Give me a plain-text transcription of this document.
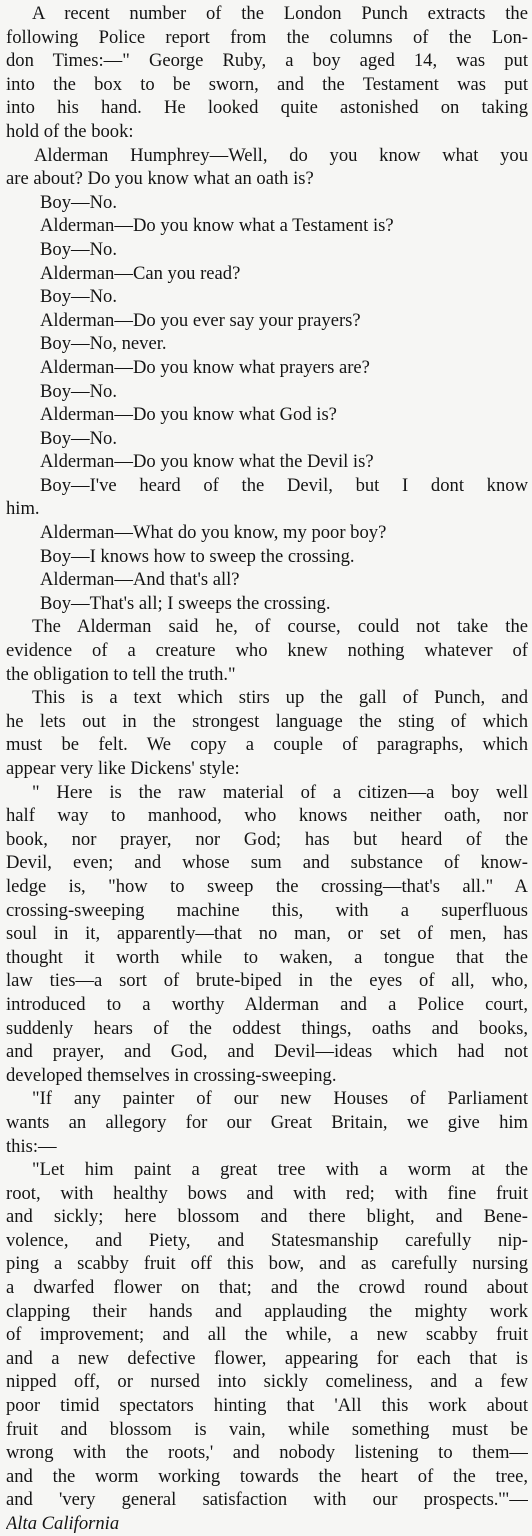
A recent number of the London Punch extracts the
following Police report from the columns of the Lon-
don Times:—" George Ruby, a boy aged 14, was put
into the box to be sworn, and the Testament was put
into his hand. He looked quite astonished on taking
hold of the book:
Alderman Humphrey—Well, do you know what you
are about? Do you know what an oath is?
Boy—No.
Alderman—Do you know what a Testament is?
Boy—No.
Alderman—Can you read?
Boy—No.
Alderman—Do you ever say your prayers?
Boy—No, never.
Alderman—Do you know what prayers are?
Boy—No.
Alderman—Do you know what God is?
Boy—No.
Alderman—Do you know what the Devil is?
Boy—I've heard of the Devil, but I dont know
him.
Alderman—What do you know, my poor boy?
Boy—I knows how to sweep the crossing.
Alderman—And that's all?
Boy—That's all; I sweeps the crossing.
The Alderman said he, of course, could not take the
evidence of a creature who knew nothing whatever of
the obligation to tell the truth."
This is a text which stirs up the gall of Punch, and
he lets out in the strongest language the sting of which
must be felt. We copy a couple of paragraphs, which
appear very like Dickens' style:
" Here is the raw material of a citizen—a boy well
half way to manhood, who knows neither oath, nor
book, nor prayer, nor God; has but heard of the
Devil, even; and whose sum and substance of know-
ledge is, "how to sweep the crossing—that's all." A
crossing-sweeping machine this, with a superfluous
soul in it, apparently—that no man, or set of men, has
thought it worth while to waken, a tongue that the
law ties—a sort of brute-biped in the eyes of all, who,
introduced to a worthy Alderman and a Police court,
suddenly hears of the oddest things, oaths and books,
and prayer, and God, and Devil—ideas which had not
developed themselves in crossing-sweeping.
"If any painter of our new Houses of Parliament
wants an allegory for our Great Britain, we give him
this:—
"Let him paint a great tree with a worm at the
root, with healthy bows and with red; with fine fruit
and sickly; here blossom and there blight, and Bene-
volence, and Piety, and Statesmanship carefully nip-
ping a scabby fruit off this bow, and as carefully nursing
a dwarfed flower on that; and the crowd round about
clapping their hands and applauding the mighty work
of improvement; and all the while, a new scabby fruit
and a new defective flower, appearing for each that is
nipped off, or nursed into sickly comeliness, and a few
poor timid spectators hinting that 'All this work about
fruit and blossom is vain, while something must be
wrong with the roots,' and nobody listening to them—
and the worm working towards the heart of the tree,
and 'very general satisfaction with our prospects.'"—
Alta California
